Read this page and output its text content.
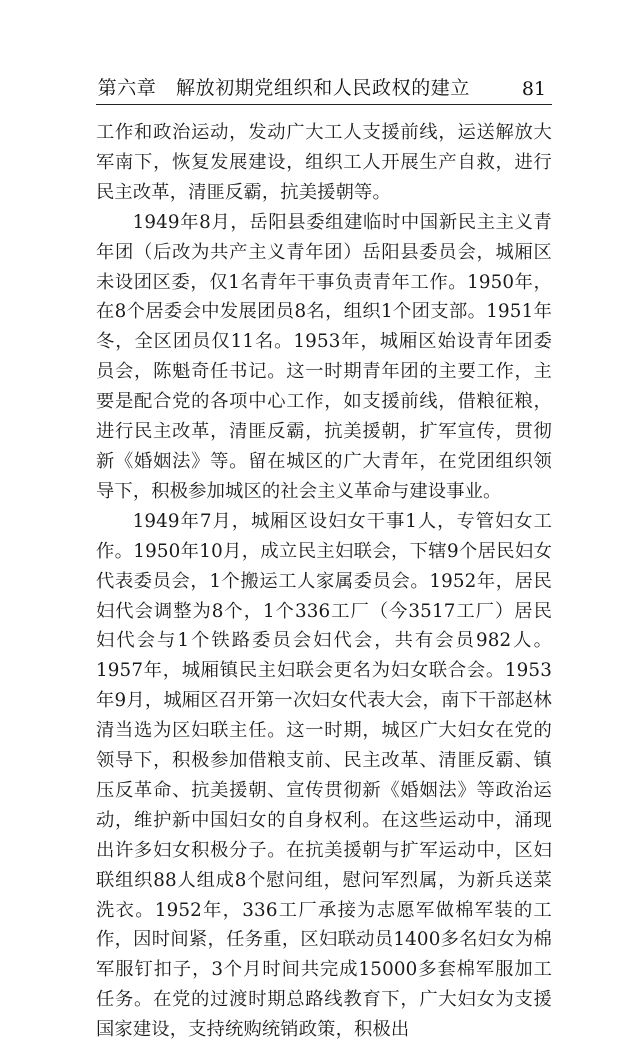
第六章　解放初期党组织和人民政权的建立	81

工作和政治运动，发动广大工人支援前线，运送解放大军南下，恢复发展建设，组织工人开展生产自救，进行民主改革，清匪反霸，抗美援朝等。

1949年8月，岳阳县委组建临时中国新民主主义青年团（后改为共产主义青年团）岳阳县委员会，城厢区未设团区委，仅1名青年干事负责青年工作。1950年，在8个居委会中发展团员8名，组织1个团支部。1951年冬，全区团员仅11名。1953年，城厢区始设青年团委员会，陈魁奇任书记。这一时期青年团的主要工作，主要是配合党的各项中心工作，如支援前线，借粮征粮，进行民主改革，清匪反霸，抗美援朝，扩军宣传，贯彻新《婚姻法》等。留在城区的广大青年，在党团组织领导下，积极参加城区的社会主义革命与建设事业。

1949年7月，城厢区设妇女干事1人，专管妇女工作。1950年10月，成立民主妇联会，下辖9个居民妇女代表委员会，1个搬运工人家属委员会。1952年，居民妇代会调整为8个，1个336工厂（今3517工厂）居民妇代会与1个铁路委员会妇代会，共有会员982人。1957年，城厢镇民主妇联会更名为妇女联合会。1953年9月，城厢区召开第一次妇女代表大会，南下干部赵林清当选为区妇联主任。这一时期，城区广大妇女在党的领导下，积极参加借粮支前、民主改革、清匪反霸、镇压反革命、抗美援朝、宣传贯彻新《婚姻法》等政治运动，维护新中国妇女的自身权利。在这些运动中，涌现出许多妇女积极分子。在抗美援朝与扩军运动中，区妇联组织88人组成8个慰问组，慰问军烈属，为新兵送菜洗衣。1952年，336工厂承接为志愿军做棉军装的工作，因时间紧，任务重，区妇联动员1400多名妇女为棉军服钉扣子，3个月时间共完成15000多套棉军服加工任务。在党的过渡时期总路线教育下，广大妇女为支援国家建设，支持统购统销政策，积极出
